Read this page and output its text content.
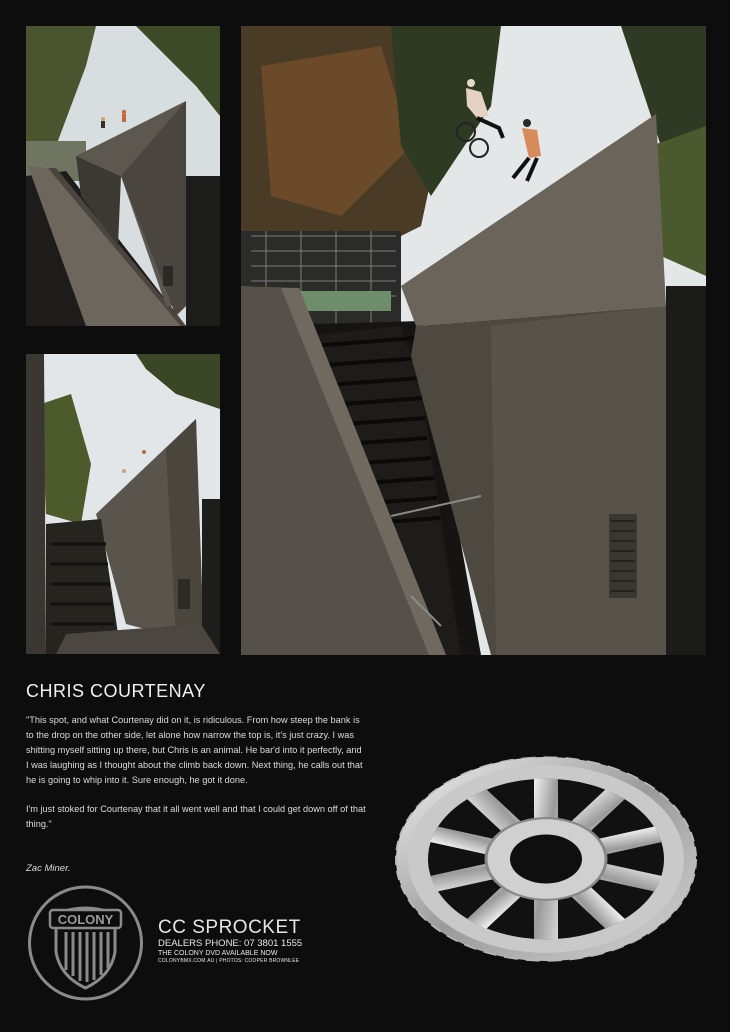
CHRIS COURTENAY

"This spot, and what Courtenay did on it, is ridiculous. From how steep the bank is to the drop on the other side, let alone how narrow the top is, it's just crazy. I was shitting myself sitting up there, but Chris is an animal. He bar'd into it perfectly, and I was laughing as I thought about the climb back down. Next thing, he calls out that he is going to whip into it. Sure enough, he got it done.

I'm just stoked for Courtenay that it all went well and that I could get down off of that thing."

Zac Miner.
COLONY CC SPROCKET
DEALERS PHONE: 07 3801 1555
THE COLONY DVD AVAILABLE NOW
COLONYBMX.COM.AU | PHOTOS: COOPER BROWNLEE
